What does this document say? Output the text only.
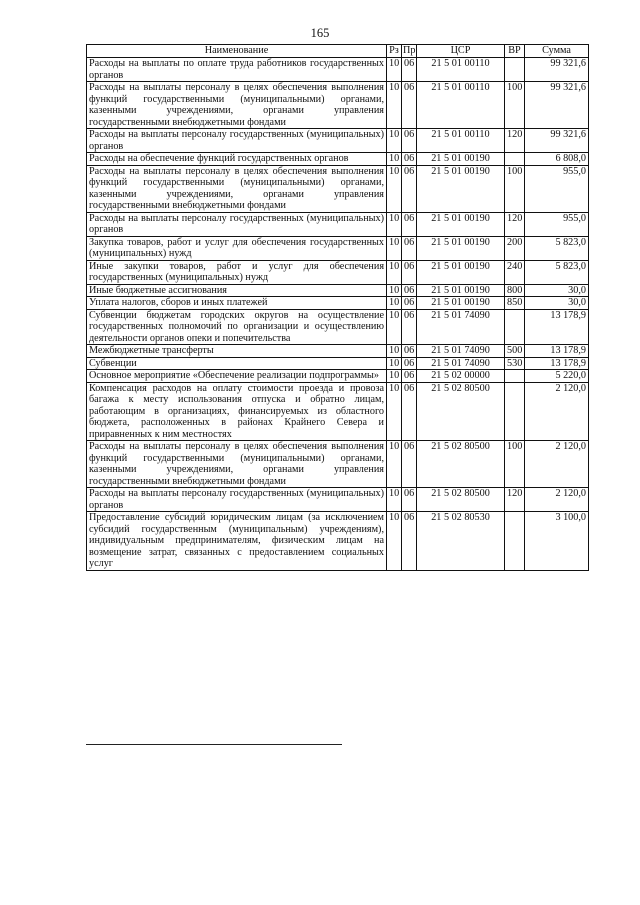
165
Наименование	Рз	Пр	ЦСР	ВР	Сумма
Расходы на выплаты по оплате труда работников государственных органов	10	06	21 5 01 00110		99 321,6
Расходы на выплаты персоналу в целях обеспечения выполнения функций государственными (муниципальными) органами, казенными учреждениями, органами управления государственными внебюджетными фондами	10	06	21 5 01 00110	100	99 321,6
Расходы на выплаты персоналу государственных (муниципальных) органов	10	06	21 5 01 00110	120	99 321,6
Расходы на обеспечение функций государственных органов	10	06	21 5 01 00190		6 808,0
Расходы на выплаты персоналу в целях обеспечения выполнения функций государственными (муниципальными) органами, казенными учреждениями, органами управления государственными внебюджетными фондами	10	06	21 5 01 00190	100	955,0
Расходы на выплаты персоналу государственных (муниципальных) органов	10	06	21 5 01 00190	120	955,0
Закупка товаров, работ и услуг для обеспечения государственных (муниципальных) нужд	10	06	21 5 01 00190	200	5 823,0
Иные закупки товаров, работ и услуг для обеспечения государственных (муниципальных) нужд	10	06	21 5 01 00190	240	5 823,0
Иные бюджетные ассигнования	10	06	21 5 01 00190	800	30,0
Уплата налогов, сборов и иных платежей	10	06	21 5 01 00190	850	30,0
Субвенции бюджетам городских округов на осуществление государственных полномочий по организации и осуществлению деятельности органов опеки и попечительства	10	06	21 5 01 74090		13 178,9
Межбюджетные трансферты	10	06	21 5 01 74090	500	13 178,9
Субвенции	10	06	21 5 01 74090	530	13 178,9
Основное мероприятие «Обеспечение реализации подпрограммы»	10	06	21 5 02 00000		5 220,0
Компенсация расходов на оплату стоимости проезда и провоза багажа к месту использования отпуска и обратно лицам, работающим в организациях, финансируемых из областного бюджета, расположенных в районах Крайнего Севера и приравненных к ним местностях	10	06	21 5 02 80500		2 120,0
Расходы на выплаты персоналу в целях обеспечения выполнения функций государственными (муниципальными) органами, казенными учреждениями, органами управления государственными внебюджетными фондами	10	06	21 5 02 80500	100	2 120,0
Расходы на выплаты персоналу государственных (муниципальных) органов	10	06	21 5 02 80500	120	2 120,0
Предоставление субсидий юридическим лицам (за исключением субсидий государственным (муниципальным) учреждениям), индивидуальным предпринимателям, физическим лицам на возмещение затрат, связанных с предоставлением социальных услуг	10	06	21 5 02 80530		3 100,0
